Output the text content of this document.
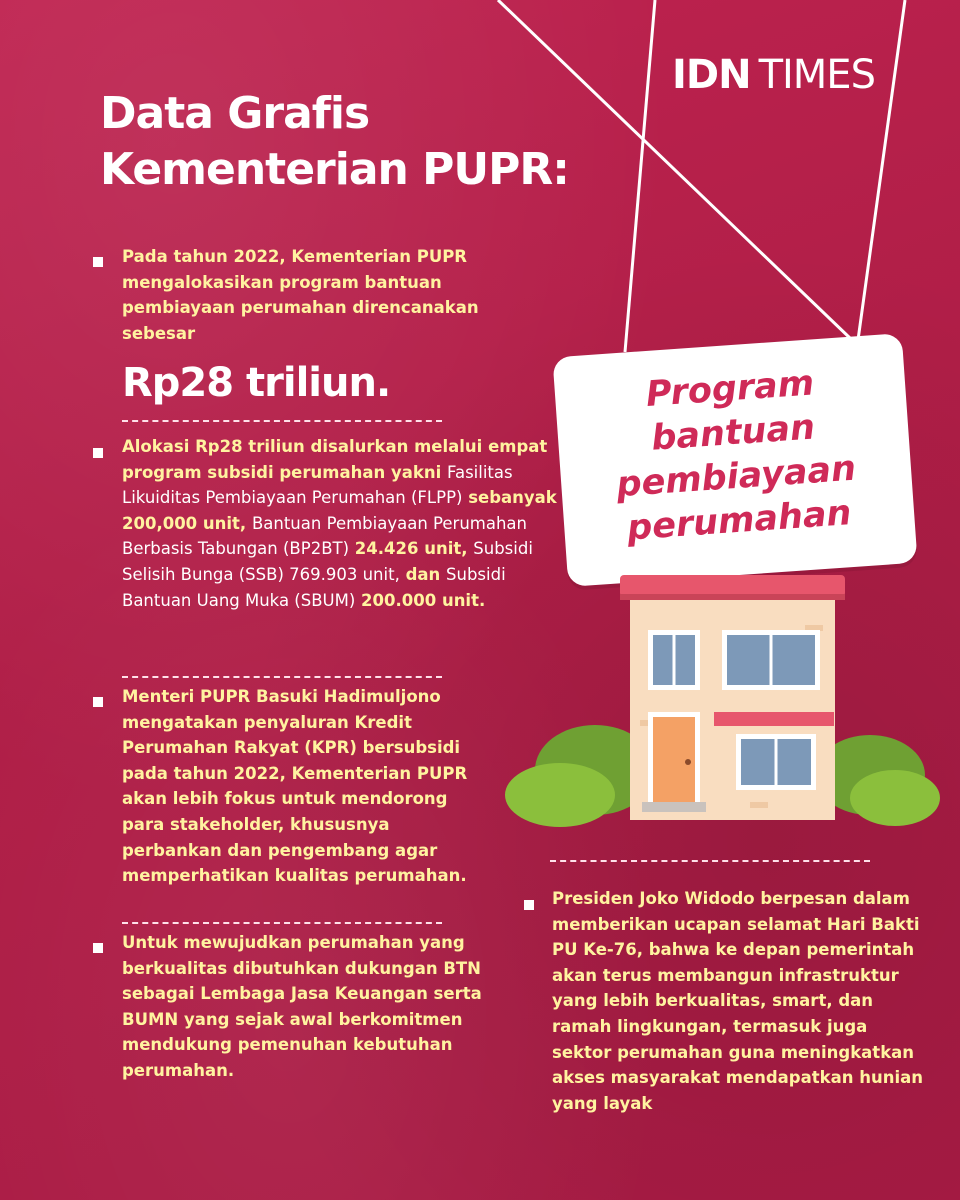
IDN TIMES
Data Grafis
Kementerian PUPR:
Pada tahun 2022, Kementerian PUPR mengalokasikan program bantuan pembiayaan perumahan direncanakan sebesar
Rp28 triliun.
Alokasi Rp28 triliun disalurkan melalui empat program subsidi perumahan yakni Fasilitas Likuiditas Pembiayaan Perumahan (FLPP) sebanyak 200,000 unit, Bantuan Pembiayaan Perumahan Berbasis Tabungan (BP2BT) 24.426 unit, Subsidi Selisih Bunga (SSB) 769.903 unit, dan Subsidi Bantuan Uang Muka (SBUM) 200.000 unit.
Menteri PUPR Basuki Hadimuljono mengatakan penyaluran Kredit Perumahan Rakyat (KPR) bersubsidi pada tahun 2022, Kementerian PUPR akan lebih fokus untuk mendorong para stakeholder, khususnya perbankan dan pengembang agar memperhatikan kualitas perumahan.
Untuk mewujudkan perumahan yang berkualitas dibutuhkan dukungan BTN sebagai Lembaga Jasa Keuangan serta BUMN yang sejak awal berkomitmen mendukung pemenuhan kebutuhan perumahan.
Program
bantuan
pembiayaan
perumahan
Presiden Joko Widodo berpesan dalam memberikan ucapan selamat Hari Bakti PU Ke-76, bahwa ke depan pemerintah akan terus membangun infrastruktur yang lebih berkualitas, smart, dan ramah lingkungan, termasuk juga sektor perumahan guna meningkatkan akses masyarakat mendapatkan hunian yang layak
